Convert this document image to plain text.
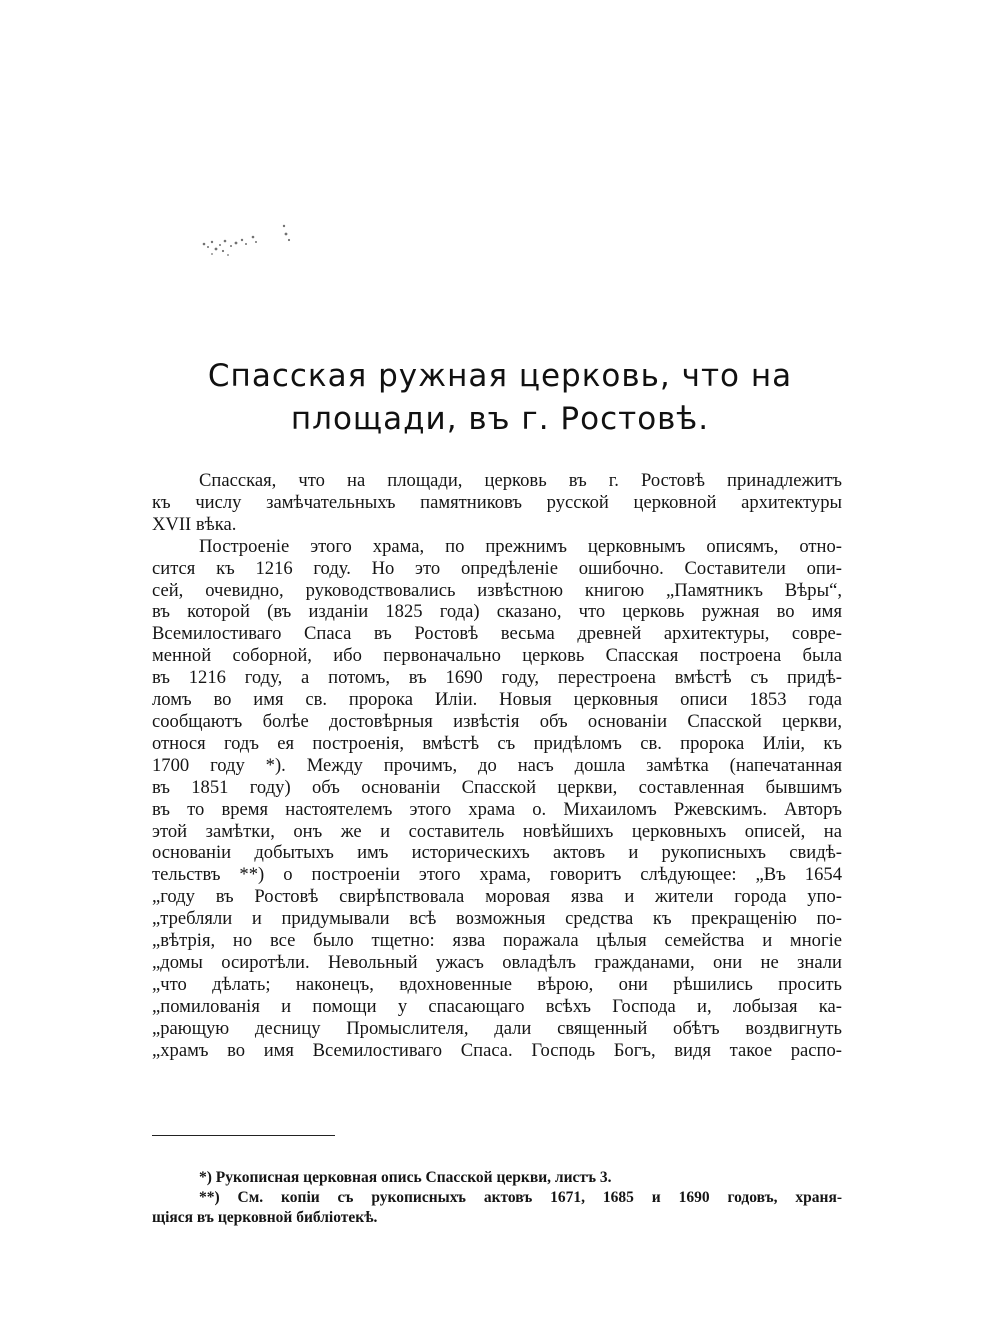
Спасская ружная церковь, что на
площади, въ г. Ростовѣ.
Спасская, что на площади, церковь въ г. Ростовѣ принадлежитъ
къ числу замѣчательныхъ памятниковъ русской церковной архитектуры
XVII вѣка.
Построеніе этого храма, по прежнимъ церковнымъ описямъ, отно-
сится къ 1216 году. Но это опредѣленіе ошибочно. Составители опи-
сей, очевидно, руководствовались извѣстною книгою „Памятникъ Вѣры“,
въ которой (въ изданіи 1825 года) сказано, что церковь ружная во имя
Всемилостиваго Спаса въ Ростовѣ весьма древней архитектуры, совре-
менной соборной, ибо первоначально церковь Спасская построена была
въ 1216 году, а потомъ, въ 1690 году, перестроена вмѣстѣ съ придѣ-
ломъ во имя св. пророка Иліи. Новыя церковныя описи 1853 года
сообщаютъ болѣе достовѣрныя извѣстія объ основаніи Спасской церкви,
относя годъ ея построенія, вмѣстѣ съ придѣломъ св. пророка Иліи, къ
1700 году *). Между прочимъ, до насъ дошла замѣтка (напечатанная
въ 1851 году) объ основаніи Спасской церкви, составленная бывшимъ
въ то время настоятелемъ этого храма о. Михаиломъ Ржевскимъ. Авторъ
этой замѣтки, онъ же и составитель новѣйшихъ церковныхъ описей, на
основаніи добытыхъ имъ историческихъ актовъ и рукописныхъ свидѣ-
тельствъ **) о построеніи этого храма, говоритъ слѣдующее: „Въ 1654
„году въ Ростовѣ свирѣпствовала моровая язва и жители города упо-
„требляли и придумывали всѣ возможныя средства къ прекращенію по-
„вѣтрія, но все было тщетно: язва поражала цѣлыя семейства и многіе
„домы осиротѣли. Невольный ужасъ овладѣлъ гражданами, они не знали
„что дѣлать; наконецъ, вдохновенные вѣрою, они рѣшились просить
„помилованія и помощи у спасающаго всѣхъ Господа и, лобызая ка-
„рающую десницу Промыслителя, дали священный обѣтъ воздвигнуть
„храмъ во имя Всемилостиваго Спаса. Господь Богъ, видя такое распо-
*) Рукописная церковная опись Спасской церкви, листъ 3.
**) См. копіи съ рукописныхъ актовъ 1671, 1685 и 1690 годовъ, храня-
щіяся въ церковной библіотекѣ.
